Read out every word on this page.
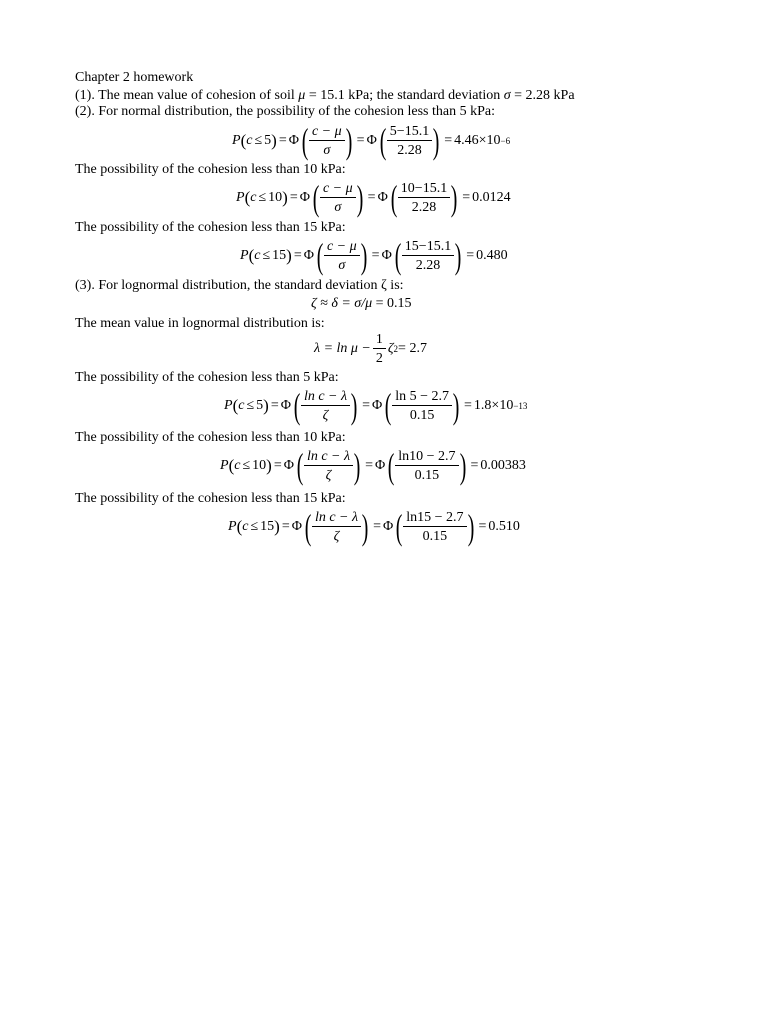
Chapter 2 homework
(1). The mean value of cohesion of soil μ = 15.1 kPa; the standard deviation σ = 2.28 kPa
(2). For normal distribution, the possibility of the cohesion less than 5 kPa:
P ( c ≤ 5 ) = Φ ( $\frac{c - \mu}{\sigma}$ ) = Φ ( $\frac{5-15.1}{2.28}$ ) = 4.46×10 −6
The possibility of the cohesion less than 10 kPa:
P ( c ≤ 10 ) = Φ ( $\frac{c - \mu}{\sigma}$ ) = Φ ( $\frac{10-15.1}{2.28}$ ) = 0.0124
The possibility of the cohesion less than 15 kPa:
P ( c ≤ 15 ) = Φ ( $\frac{c - \mu}{\sigma}$ ) = Φ ( $\frac{15-15.1}{2.28}$ ) = 0.480
(3). For lognormal distribution, the standard deviation ζ is:
ζ ≈ δ = σ/μ = 0.15
The mean value in lognormal distribution is:
$\lambda = \ln \mu - \frac{1}{2}$ ζ 2 = 2.7
The possibility of the cohesion less than 5 kPa:
P ( c ≤ 5 ) = Φ ( $\frac{\text{ln c − λ}}{\zeta}$ ) = Φ ( $\frac{\ln 5 - 2.7}{0.15}$ ) = 1.8×10 −13
The possibility of the cohesion less than 10 kPa:
P ( c ≤ 10 ) = Φ ( $\frac{\text{ln c − λ}}{\zeta}$ ) = Φ ( $\frac{\ln 10 - 2.7}{0.15}$ ) = 0.00383
The possibility of the cohesion less than 15 kPa:
P ( c ≤ 15 ) = Φ ( $\frac{\text{ln c − λ}}{\zeta}$ ) = Φ ( $\frac{\ln 15 - 2.7}{0.15}$ ) = 0.510
